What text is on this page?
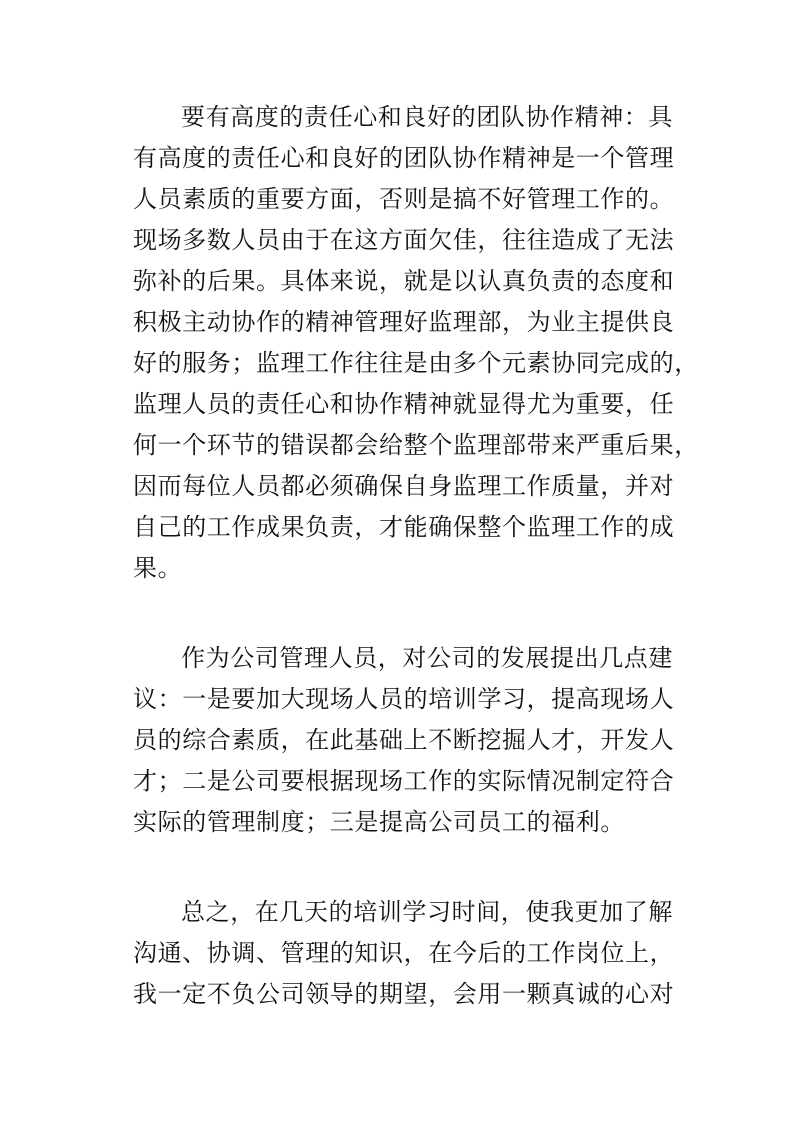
要有高度的责任心和良好的团队协作精神：具
有高度的责任心和良好的团队协作精神是一个管理
人员素质的重要方面，否则是搞不好管理工作的。
现场多数人员由于在这方面欠佳，往往造成了无法
弥补的后果。具体来说，就是以认真负责的态度和
积极主动协作的精神管理好监理部，为业主提供良
好的服务；监理工作往往是由多个元素协同完成的，
监理人员的责任心和协作精神就显得尤为重要，任
何一个环节的错误都会给整个监理部带来严重后果，
因而每位人员都必须确保自身监理工作质量，并对
自己的工作成果负责，才能确保整个监理工作的成
果。
作为公司管理人员，对公司的发展提出几点建
议：一是要加大现场人员的培训学习，提高现场人
员的综合素质，在此基础上不断挖掘人才，开发人
才；二是公司要根据现场工作的实际情况制定符合
实际的管理制度；三是提高公司员工的福利。
总之，在几天的培训学习时间，使我更加了解
沟通、协调、管理的知识，在今后的工作岗位上，
我一定不负公司领导的期望，会用一颗真诚的心对
